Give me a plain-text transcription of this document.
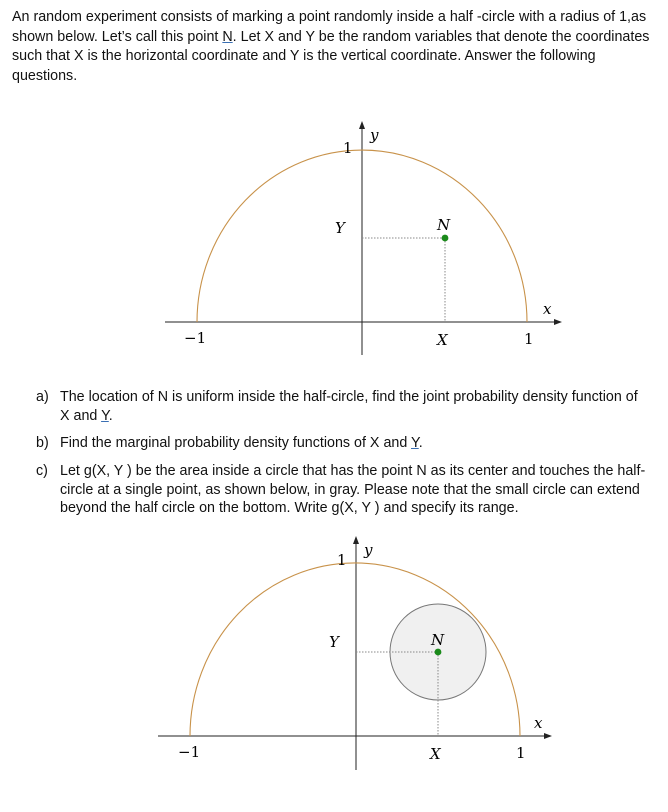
An random experiment consists of marking a point randomly inside a half -circle with a radius of 1,as shown below. Let’s call this point N. Let X and Y be the random variables that denote the coordinates such that X is the horizontal coordinate and Y is the vertical coordinate. Answer the following questions.
y
1
Y	N
x
−1	X	1
a) The location of N is uniform inside the half-circle, find the joint probability density function of X and Y.
b) Find the marginal probability density functions of X and Y.
c) Let g(X, Y ) be the area inside a circle that has the point N as its center and touches the half-circle at a single point, as shown below, in gray. Please note that the small circle can extend beyond the half circle on the bottom. Write g(X, Y ) and specify its range.
y
1
Y	N
x
−1	X	1
